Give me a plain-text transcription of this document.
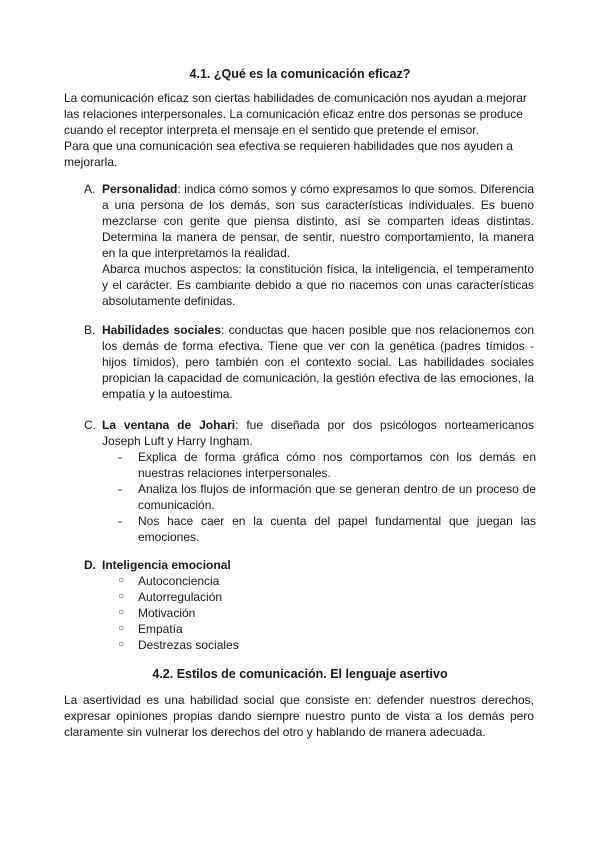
4.1. ¿Qué es la comunicación eficaz?
La comunicación eficaz son ciertas habilidades de comunicación nos ayudan a mejorar las relaciones interpersonales. La comunicación eficaz entre dos personas se produce cuando el receptor interpreta el mensaje en el sentido que pretende el emisor.
Para que una comunicación sea efectiva se requieren habilidades que nos ayuden a mejorarla.
A. Personalidad: indica cómo somos y cómo expresamos lo que somos. Diferencia a una persona de los demás, son sus características individuales. Es bueno mezclarse con gente que piensa distinto, así se comparten ideas distintas. Determina la manera de pensar, de sentir, nuestro comportamiento, la manera en la que interpretamos la realidad.

Abarca muchos aspectos: la constitución física, la inteligencia, el temperamento y el carácter. Es cambiante debido a que no nacemos con unas características absolutamente definidas.

B. Habilidades sociales: conductas que hacen posible que nos relacionemos con los demás de forma efectiva. Tiene que ver con la genética (padres tímidos - hijos tímidos), pero también con el contexto social. Las habilidades sociales propician la capacidad de comunicación, la gestión efectiva de las emociones, la empatía y la autoestima.

C. La ventana de Johari: fue diseñada por dos psicólogos norteamericanos Joseph Luft y Harry Ingham.

- Explica de forma gráfica cómo nos comportamos con los demás en nuestras relaciones interpersonales.
- Analiza los flujos de información que se generan dentro de un proceso de comunicación.
- Nos hace caer en la cuenta del papel fundamental que juegan las emociones.
D. Inteligencia emocional

○ Autoconciencia
○ Autorregulación
○ Motivación
○ Empatía
○ Destrezas sociales
4.2. Estilos de comunicación. El lenguaje asertivo
La asertividad es una habilidad social que consiste en: defender nuestros derechos, expresar opiniones propias dando siempre nuestro punto de vista a los demás pero claramente sin vulnerar los derechos del otro y hablando de manera adecuada.
